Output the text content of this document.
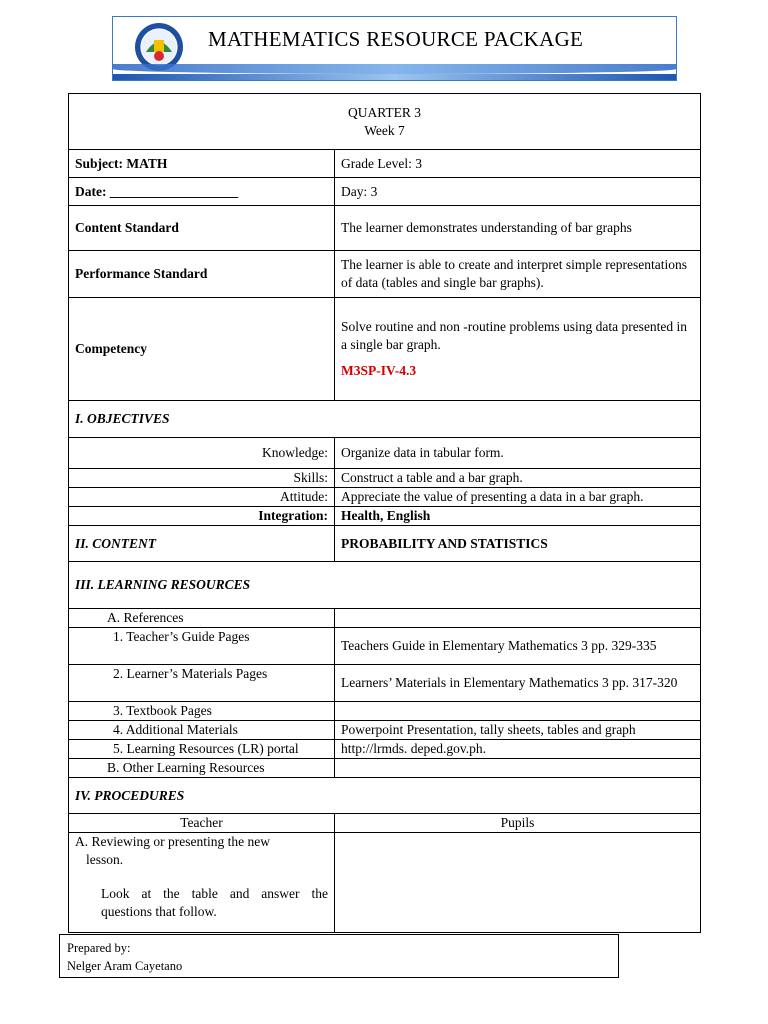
MATHEMATICS RESOURCE PACKAGE
QUARTER 3
Week 7	

Subject: MATH	Grade Level: 3
Date: ___________________	Day: 3
Content Standard	The learner demonstrates understanding of bar graphs
Performance Standard	The learner is able to create and interpret simple representations of data (tables and single bar graphs).
Competency	Solve routine and non -routine problems using data presented in a single bar graph.
M3SP-IV-4.3

I. OBJECTIVES	
Knowledge:	Organize data in tabular form.
Skills:	Construct a table and a bar graph.
Attitude:	Appreciate the value of presenting a data in a bar graph.
Integration:	Health, English
II. CONTENT	PROBABILITY AND STATISTICS
III. LEARNING RESOURCES	
A. References	
1. Teacher’s Guide Pages	Teachers Guide in Elementary Mathematics 3 pp. 329-335
2. Learner’s Materials Pages	Learners’ Materials in Elementary Mathematics 3 pp. 317-320
3. Textbook Pages	
4. Additional Materials	Powerpoint Presentation, tally sheets, tables and graph
5. Learning Resources (LR) portal	http://lrmds. deped.gov.ph.
B. Other Learning Resources	
IV. PROCEDURES	
Teacher	Pupils

A. Reviewing or presenting the new
lesson.
Look at the table and answer the questions that follow.	

Prepared by:
Nelger Aram Cayetano
